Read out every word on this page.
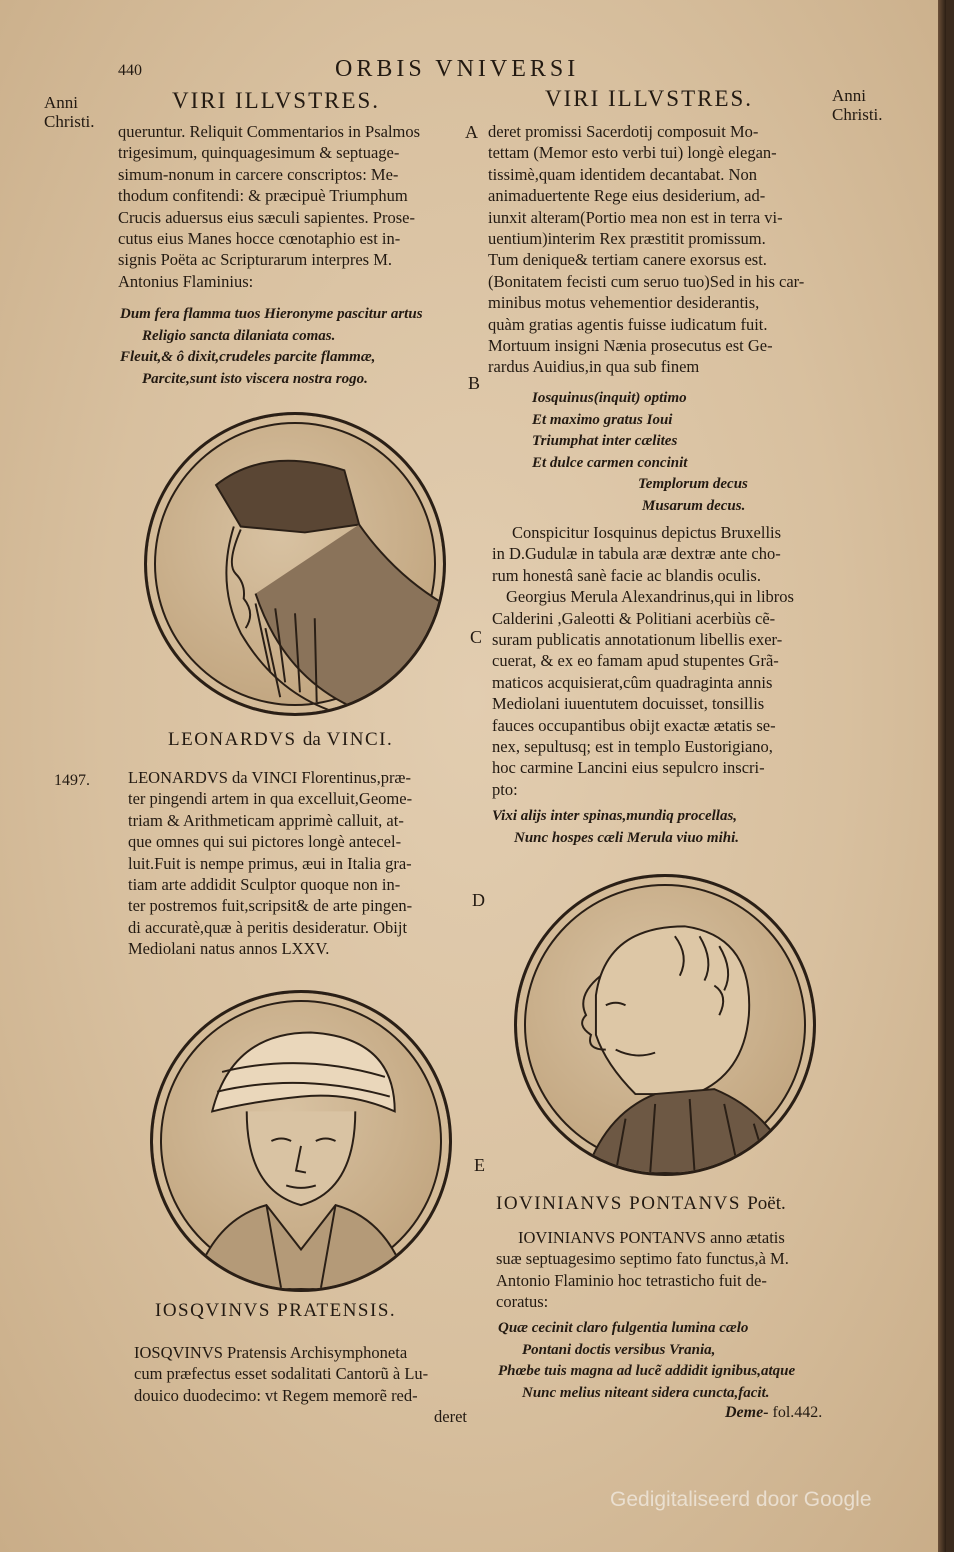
440	ORBIS VNIVERSI
VIRI ILLVSTRES.	VIRI ILLVSTRES.
Anni
Christi.
Anni
Christi.
A
B
C
D
E

queruntur. Reliquit Commentarios in Psalmos

trigesimum, quinquagesimum & septuage-

simum-nonum in carcere conscriptos: Me-

thodum confitendi: & præcipuè Triumphum

Crucis aduersus eius sæculi sapientes. Prose-

cutus eius Manes hocce cœnotaphio est in-

signis Poëta ac Scripturarum interpres M.

Antonius Flaminius:

Dum fera flamma tuos Hieronyme pascitur artus

Religio sancta dilaniata comas.

Fleuit,& ô dixit,crudeles parcite flammæ,

Parcite,sunt isto viscera nostra rogo.

LEONARDVS da VINCI.
1497. LEONARDVS da VINCI Florentinus,præ-

ter pingendi artem in qua excelluit,Geome-

triam & Arithmeticam apprimè calluit, at-

que omnes qui sui pictores longè antecel-

luit.Fuit is nempe primus, æui in Italia gra-

tiam arte addidit Sculptor quoque non in-

ter postremos fuit,scripsit& de arte pingen-

di accuratè,quæ à peritis desideratur. Obijt

Mediolani natus annos LXXV.

IOSQVINVS PRATENSIS.

IOSQVINVS Pratensis Archisymphoneta

cum præfectus esset sodalitati Cantorũ à Lu-

douico duodecimo: vt Regem memorẽ red-

deret

deret promissi Sacerdotij composuit Mo-

tettam (Memor esto verbi tui) longè elegan-

tissimè,quam identidem decantabat. Non

animaduertente Rege eius desiderium, ad-

iunxit alteram(Portio mea non est in terra vi-

uentium)interim Rex præstitit promissum.

Tum denique& tertiam canere exorsus est.

(Bonitatem fecisti cum seruo tuo)Sed in his car-

minibus motus vehementior desiderantis,

quàm gratias agentis fuisse iudicatum fuit.

Mortuum insigni Nænia prosecutus est Ge-

rardus Auidius,in qua sub finem

Iosquinus(inquit) optimo

Et maximo gratus Ioui

Triumphat inter cælites

Et dulce carmen concinit

Templorum decus

Musarum decus.

Conspicitur Iosquinus depictus Bruxellis

in D.Gudulæ in tabula aræ dextræ ante cho-

rum honestâ sanè facie ac blandis oculis.

Georgius Merula Alexandrinus,qui in libros

Calderini ,Galeotti & Politiani acerbiùs cẽ-

suram publicatis annotationum libellis exer-

cuerat, & ex eo famam apud stupentes Grã-

maticos acquisierat,cûm quadraginta annis

Mediolani iuuentutem docuisset, tonsillis

fauces occupantibus obijt exactæ ætatis se-

nex, sepultusq; est in templo Eustorigiano,

hoc carmine Lancini eius sepulcro inscri-

pto:

Vixi alijs inter spinas,mundiq procellas,

Nunc hospes cæli Merula viuo mihi.

IOVINIANVS PONTANVS Poët.

IOVINIANVS PONTANVS anno ætatis

suæ septuagesimo septimo fato functus,à M.

Antonio Flaminio hoc tetrasticho fuit de-

coratus:

Quæ cecinit claro fulgentia lumina cælo

Pontani doctis versibus Vrania,

Phœbe tuis magna ad lucẽ addidit ignibus,atque

Nunc melius niteant sidera cuncta,facit.

Deme- fol.442.
Gedigitaliseerd door Google
